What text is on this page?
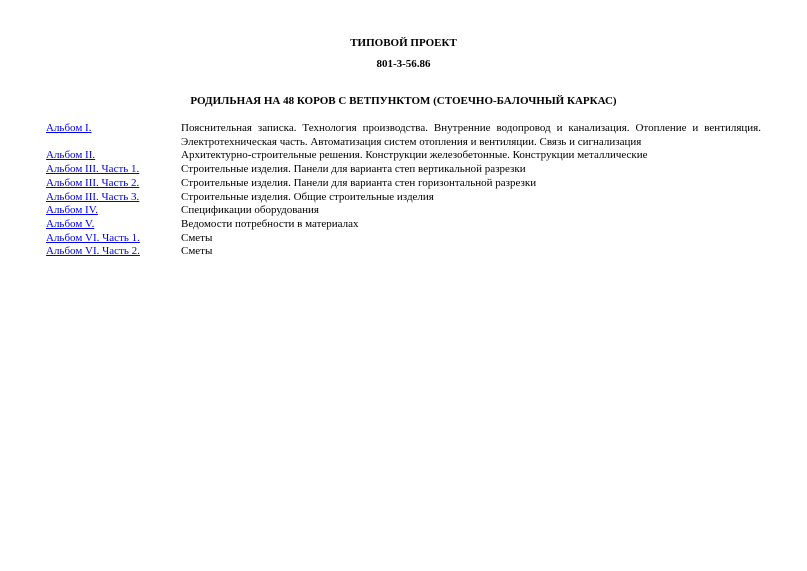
ТИПОВОЙ ПРОЕКТ
801-3-56.86
РОДИЛЬНАЯ НА 48 КОРОВ С ВЕТПУНКТОМ (СТОЕЧНО-БАЛОЧНЫЙ КАРКАС)
Альбом I.	Пояснительная записка. Технология производства. Внутренние водопровод и канализация. Отопление и вентиляция.
Электротехническая часть. Автоматизация систем отопления и вентиляции. Связь и сигнализация

Альбом II.	Архитектурно-строительные решения. Конструкции железобетонные. Конструкции металлические
Альбом III. Часть 1.	Строительные изделия. Панели для варианта степ вертикальной разрезки
Альбом III. Часть 2.	Строительные изделия. Панели для варианта стен горизонтальной разрезки
Альбом III. Часть 3.	Строительные изделия. Общие строительные изделия
Альбом IV.	Спецификации оборудования
Альбом V.	Ведомости потребности в материалах
Альбом VI. Часть 1.	Сметы
Альбом VI. Часть 2.	Сметы
